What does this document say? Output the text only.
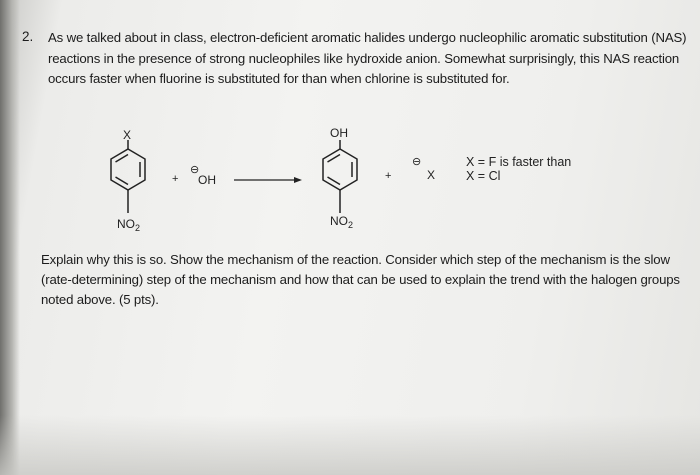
2. As we talked about in class, electron-deficient aromatic halides undergo nucleophilic aromatic substitution (NAS) reactions in the presence of strong nucleophiles like hydroxide anion. Somewhat surprisingly, this NAS reaction occurs faster when fluorine is substituted for than when chlorine is substituted for.
X
$NO_2$
+
⊖
OH
OH
$NO_2$
+
⊖
X
X = F is faster than
X = Cl
Explain why this is so. Show the mechanism of the reaction. Consider which step of the mechanism is the slow (rate-determining) step of the mechanism and how that can be used to explain the trend with the halogen groups noted above. (5 pts).
